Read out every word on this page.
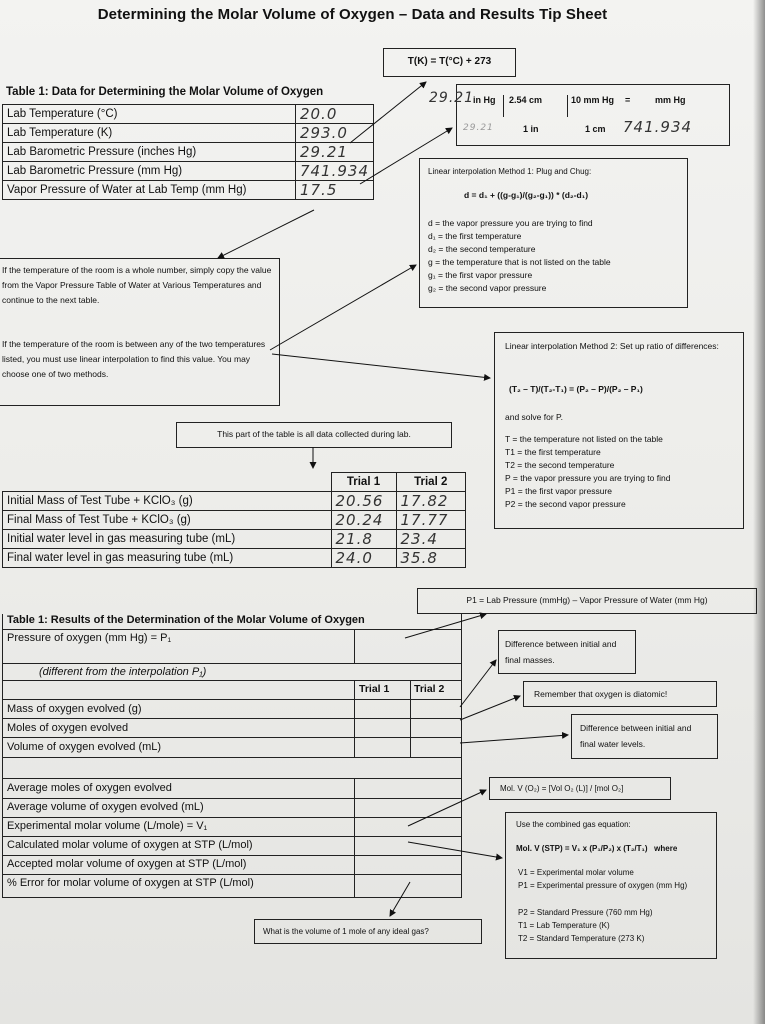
Determining the Molar Volume of Oxygen – Data and Results Tip Sheet
T(K) = T(°C) + 273
29.21
in Hg 2.54 cm	10 mm Hg =	mm Hg
29.21	1 in	1 cm 741.934
Table 1: Data for Determining the Molar Volume of Oxygen
Lab Temperature (°C)	20.0
Lab Temperature (K)	293.0
Lab Barometric Pressure (inches Hg)	29.21
Lab Barometric Pressure (mm Hg)	741.934
Vapor Pressure of Water at Lab Temp (mm Hg)	17.5
Linear interpolation Method 1: Plug and Chug:
d = d₁ + ((g-g₁)/(g₂-g₁)) * (d₂-d₁)
d = the vapor pressure you are trying to find
d₁ = the first temperature
d₂ = the second temperature
g = the temperature that is not listed on the table
g₁ = the first vapor pressure
g₂ = the second vapor pressure
If the temperature of the room is a whole number, simply copy the value from the Vapor Pressure Table of Water at Various Temperatures and continue to the next table.
If the temperature of the room is between any of the two temperatures listed, you must use linear interpolation to find this value. You may choose one of two methods.
Linear interpolation Method 2: Set up ratio of differences:
(T₂ – T)/(T₂-T₁) = (P₂ – P)/(P₂ – P₁)
and solve for P.
T = the temperature not listed on the table
T1 = the first temperature
T2 = the second temperature
P = the vapor pressure you are trying to find
P1 = the first vapor pressure
P2 = the second vapor pressure
This part of the table is all data collected during lab.
	Trial 1	Trial 2
Initial Mass of Test Tube + KClO₃ (g)	20.56	17.82
Final Mass of Test Tube + KClO₃ (g)	20.24	17.77
Initial water level in gas measuring tube (mL)	21.8	23.4
Final water level in gas measuring tube (mL)	24.0	35.8
P1 = Lab Pressure (mmHg) – Vapor Pressure of Water (mm Hg)
Table 1: Results of the Determination of the Molar Volume of Oxygen
Pressure of oxygen (mm Hg) = P₁
(different from the interpolation P₁)
Trial 1 Trial 2
Mass of oxygen evolved (g)
Moles of oxygen evolved
Volume of oxygen evolved (mL)
Average moles of oxygen evolved
Average volume of oxygen evolved (mL)
Experimental molar volume (L/mole) = V₁
Calculated molar volume of oxygen at STP (L/mol)
Accepted molar volume of oxygen at STP (L/mol)
% Error for molar volume of oxygen at STP (L/mol)
Difference between initial and final masses.
Remember that oxygen is diatomic!
Difference between initial and final water levels.
Mol. V (O₂) = [Vol O₂ (L)] / [mol O₂]
Use the combined gas equation:
Mol. V (STP) = V₁ x (P₁/P₂) x (T₂/T₁)   where
V1 = Experimental molar volume
P1 = Experimental pressure of oxygen (mm Hg)
P2 = Standard Pressure (760 mm Hg)
T1 = Lab Temperature (K)
T2 = Standard Temperature (273 K)
What is the volume of 1 mole of any ideal gas?
